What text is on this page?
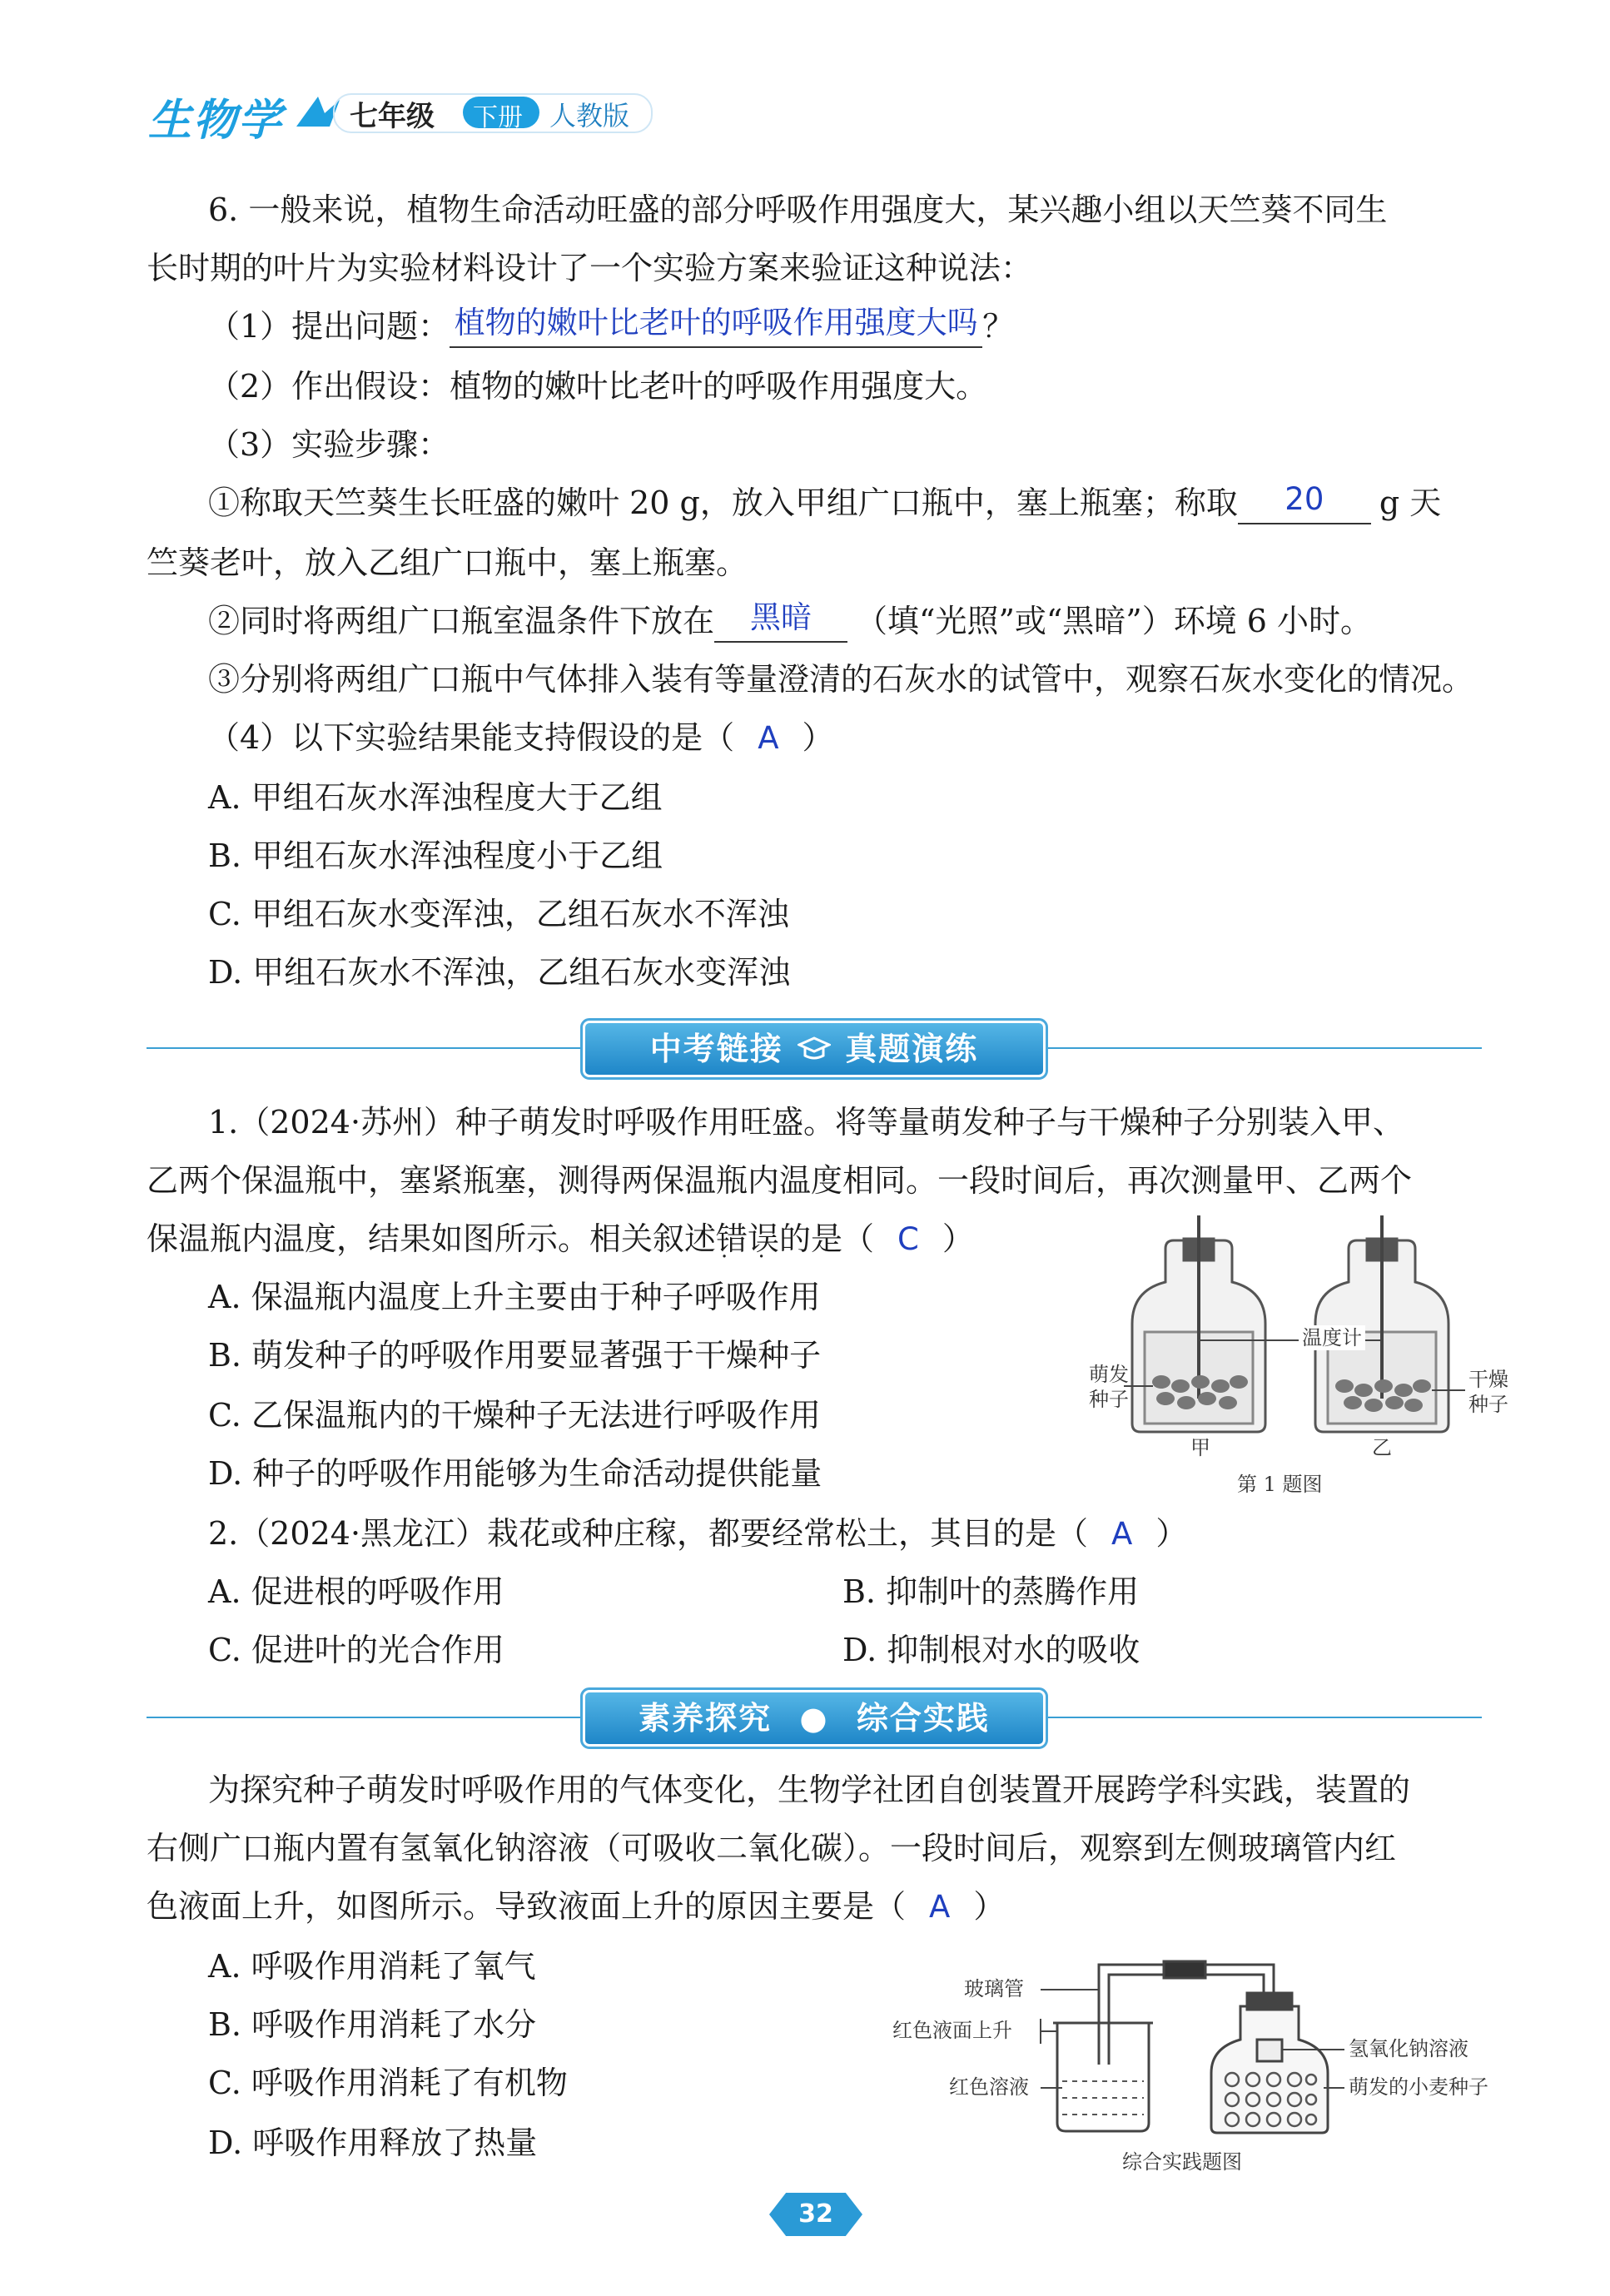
生物学 七年级 下册 人教版
6. 一般来说，植物生命活动旺盛的部分呼吸作用强度大，某兴趣小组以天竺葵不同生
长时期的叶片为实验材料设计了一个实验方案来验证这种说法：
（1）提出问题： 植物的嫩叶比老叶的呼吸作用强度大吗 ？
（2）作出假设：植物的嫩叶比老叶的呼吸作用强度大。
（3）实验步骤：
①称取天竺葵生长旺盛的嫩叶 20 g，放入甲组广口瓶中，塞上瓶塞；称取	20	g 天
竺葵老叶，放入乙组广口瓶中，塞上瓶塞。
②同时将两组广口瓶室温条件下放在	黑暗	（填“光照”或“黑暗”）环境 6 小时。
③分别将两组广口瓶中气体排入装有等量澄清的石灰水的试管中，观察石灰水变化的情况。
（4）以下实验结果能支持假设的是（ A ）
A. 甲组石灰水浑浊程度大于乙组
B. 甲组石灰水浑浊程度小于乙组
C. 甲组石灰水变浑浊，乙组石灰水不浑浊
D. 甲组石灰水不浑浊，乙组石灰水变浑浊
中考链接 真题演练
1.（2024·苏州）种子萌发时呼吸作用旺盛。将等量萌发种子与干燥种子分别装入甲、
乙两个保温瓶中，塞紧瓶塞，测得两保温瓶内温度相同。一段时间后，再次测量甲、乙两个
保温瓶内温度，结果如图所示。相关叙述错误 · ·的是（ C ）
A. 保温瓶内温度上升主要由于种子呼吸作用
B. 萌发种子的呼吸作用要显著强于干燥种子
C. 乙保温瓶内的干燥种子无法进行呼吸作用
D. 种子的呼吸作用能够为生命活动提供能量
温度计
萌发
种子
干燥
种子
甲	乙
第 1 题图
2.（2024·黑龙江）栽花或种庄稼，都要经常松土，其目的是（ A ）
A. 促进根的呼吸作用	B. 抑制叶的蒸腾作用
C. 促进叶的光合作用	D. 抑制根对水的吸收
素养探究 ● 综合实践
为探究种子萌发时呼吸作用的气体变化，生物学社团自创装置开展跨学科实践，装置的
右侧广口瓶内置有氢氧化钠溶液（可吸收二氧化碳）。一段时间后，观察到左侧玻璃管内红
色液面上升，如图所示。导致液面上升的原因主要是（ A ）
A. 呼吸作用消耗了氧气
B. 呼吸作用消耗了水分
C. 呼吸作用消耗了有机物
D. 呼吸作用释放了热量
玻璃管
红色液面上升
红色溶液
氢氧化钠溶液
萌发的小麦种子
综合实践题图
32
